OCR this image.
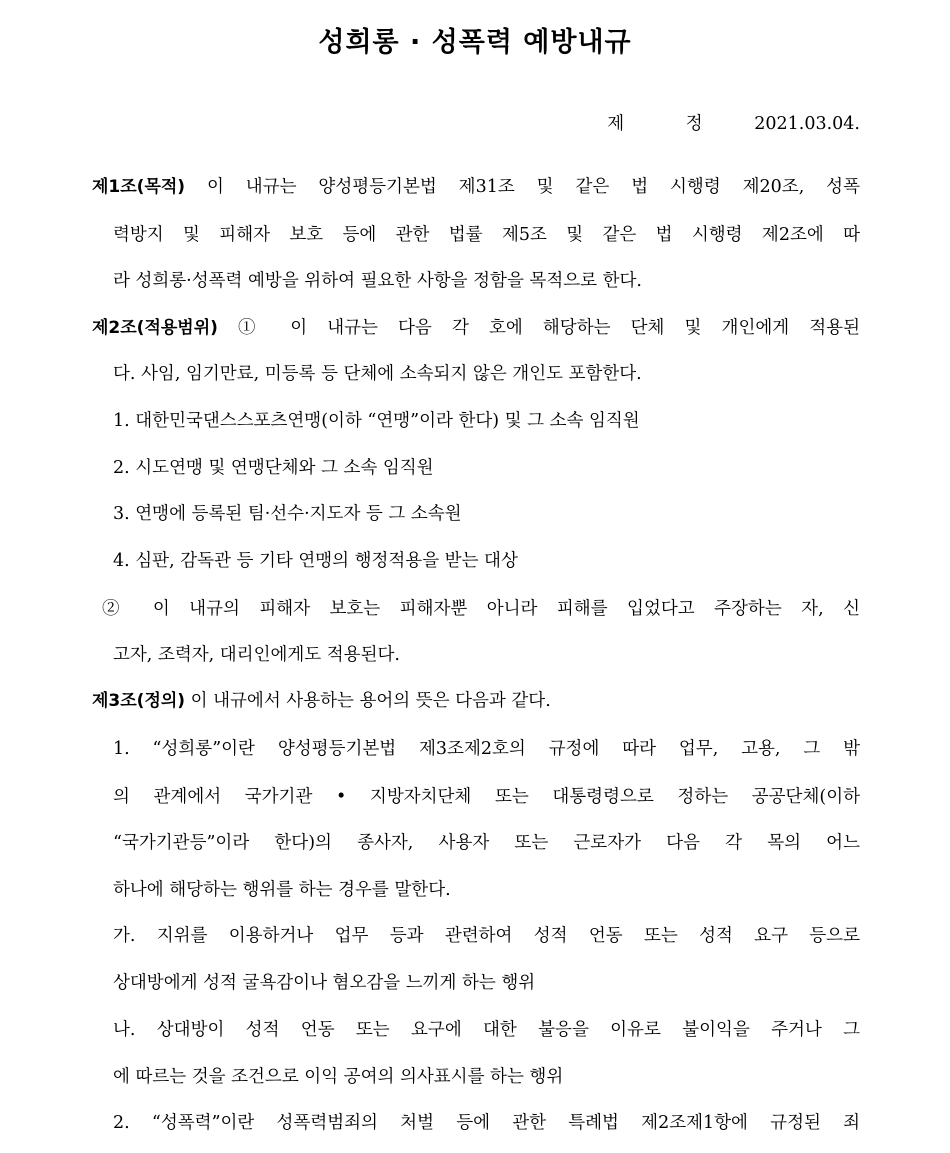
성희롱 · 성폭력 예방내규
제 정 2021.03.04.
제1조(목적) 이 내규는 양성평등기본법 제31조 및 같은 법 시행령 제20조, 성폭
력방지 및 피해자 보호 등에 관한 법률 제5조 및 같은 법 시행령 제2조에 따
라 성희롱·성폭력 예방을 위하여 필요한 사항을 정함을 목적으로 한다.
제2조(적용범위) ① 이 내규는 다음 각 호에 해당하는 단체 및 개인에게 적용된
다. 사임, 임기만료, 미등록 등 단체에 소속되지 않은 개인도 포함한다.
1. 대한민국댄스스포츠연맹(이하 “연맹”이라 한다) 및 그 소속 임직원
2. 시도연맹 및 연맹단체와 그 소속 임직원
3. 연맹에 등록된 팀·선수·지도자 등 그 소속원
4. 심판, 감독관 등 기타 연맹의 행정적용을 받는 대상
② 이 내규의 피해자 보호는 피해자뿐 아니라 피해를 입었다고 주장하는 자, 신
고자, 조력자, 대리인에게도 적용된다.
제3조(정의) 이 내규에서 사용하는 용어의 뜻은 다음과 같다.
1. “성희롱”이란 양성평등기본법 제3조제2호의 규정에 따라 업무, 고용, 그 밖
의 관계에서 국가기관 • 지방자치단체 또는 대통령령으로 정하는 공공단체(이하
“국가기관등”이라 한다)의 종사자, 사용자 또는 근로자가 다음 각 목의 어느
하나에 해당하는 행위를 하는 경우를 말한다.
가. 지위를 이용하거나 업무 등과 관련하여 성적 언동 또는 성적 요구 등으로
상대방에게 성적 굴욕감이나 혐오감을 느끼게 하는 행위
나. 상대방이 성적 언동 또는 요구에 대한 불응을 이유로 불이익을 주거나 그
에 따르는 것을 조건으로 이익 공여의 의사표시를 하는 행위
2. “성폭력”이란 성폭력범죄의 처벌 등에 관한 특례법 제2조제1항에 규정된 죄
